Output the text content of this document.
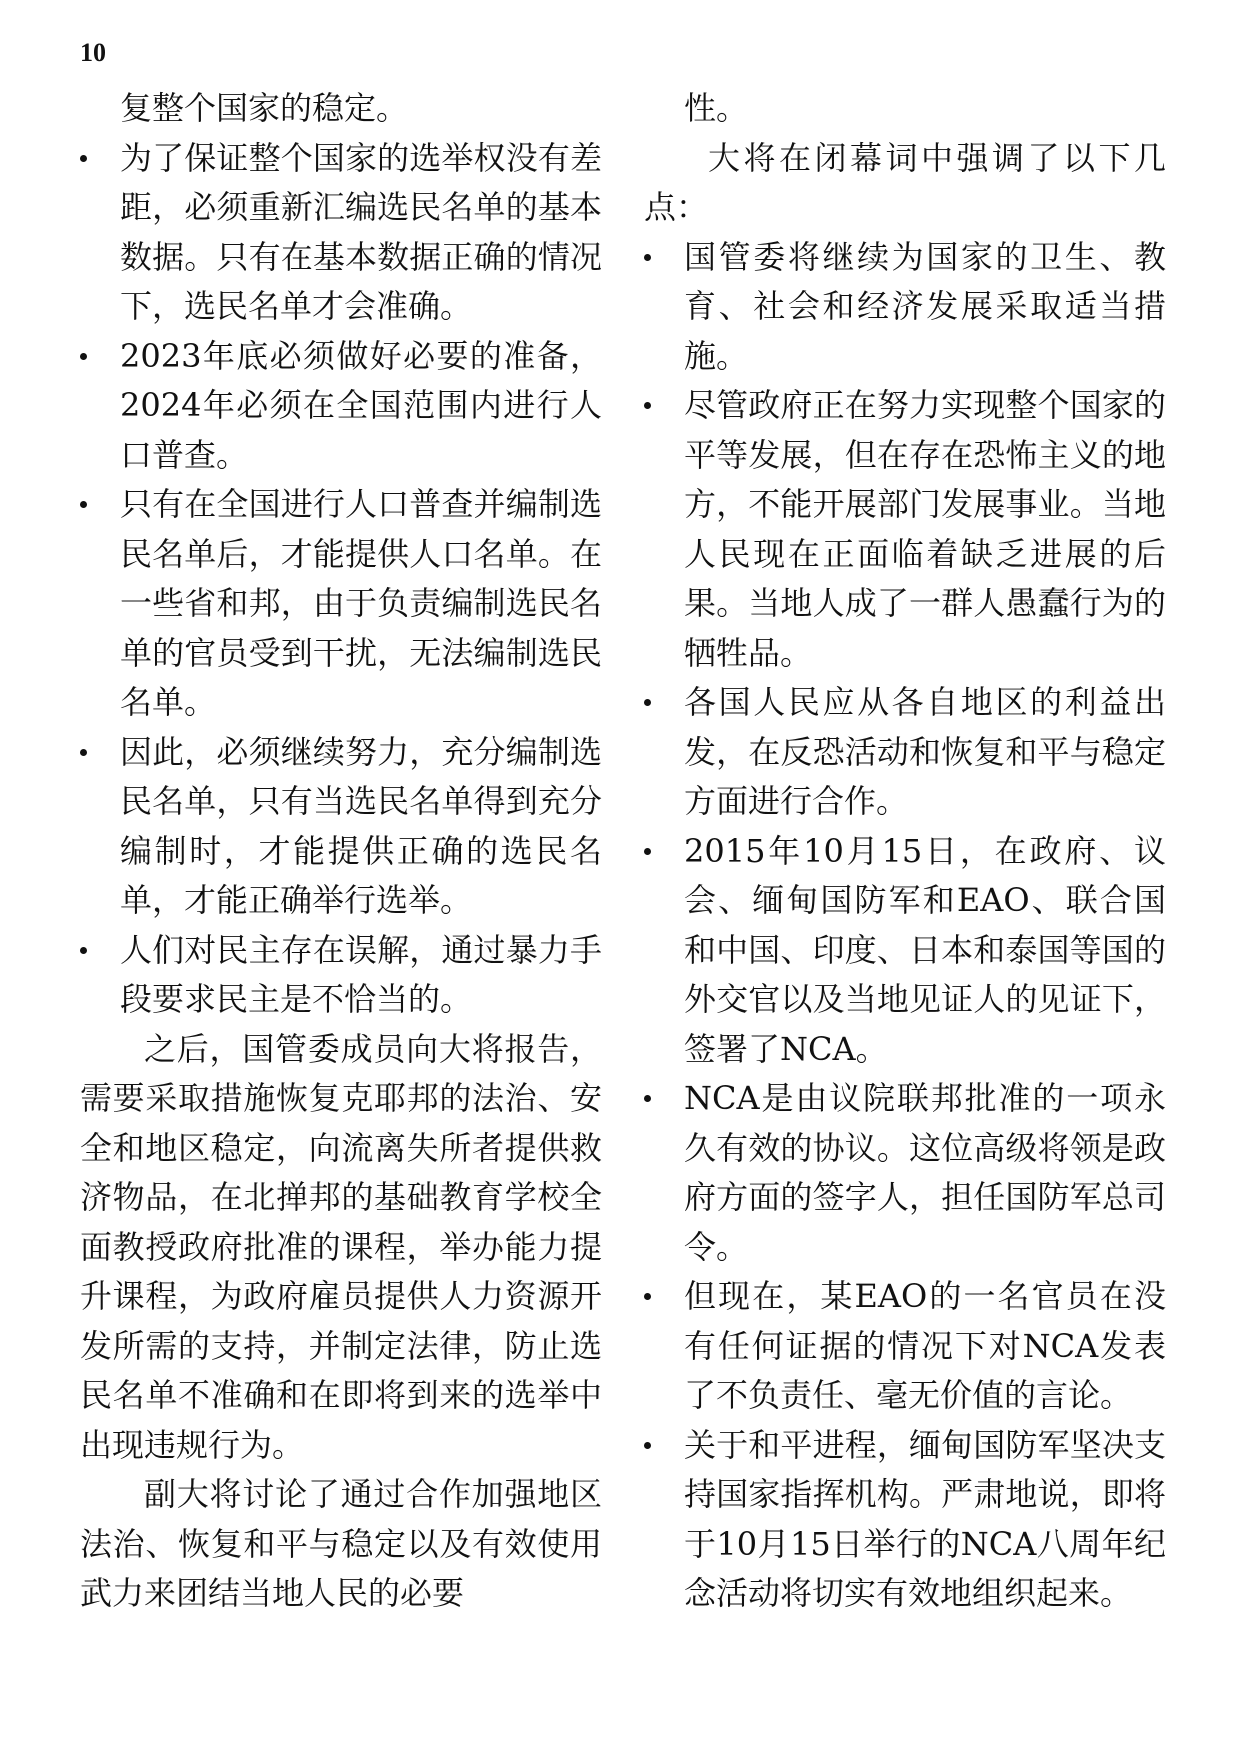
10

复整个国家的稳定。

为了保证整个国家的选举权没有差距，必须重新汇编选民名单的基本数据。只有在基本数据正确的情况下，选民名单才会准确。
2023年底必须做好必要的准备，2024年必须在全国范围内进行人口普查。
只有在全国进行人口普查并编制选民名单后，才能提供人口名单。在一些省和邦，由于负责编制选民名单的官员受到干扰，无法编制选民名单。
因此，必须继续努力，充分编制选民名单，只有当选民名单得到充分编制时，才能提供正确的选民名单，才能正确举行选举。
人们对民主存在误解，通过暴力手段要求民主是不恰当的。

之后，国管委成员向大将报告，需要采取措施恢复克耶邦的法治、安全和地区稳定，向流离失所者提供救济物品，在北掸邦的基础教育学校全面教授政府批准的课程，举办能力提升课程，为政府雇员提供人力资源开发所需的支持，并制定法律，防止选民名单不准确和在即将到来的选举中出现违规行为。

副大将讨论了通过合作加强地区法治、恢复和平与稳定以及有效使用武力来团结当地人民的必要

性。

大将在闭幕词中强调了以下几点：

国管委将继续为国家的卫生、教育、社会和经济发展采取适当措施。
尽管政府正在努力实现整个国家的平等发展，但在存在恐怖主义的地方，不能开展部门发展事业。当地人民现在正面临着缺乏进展的后果。当地人成了一群人愚蠢行为的牺牲品。
各国人民应从各自地区的利益出发，在反恐活动和恢复和平与稳定方面进行合作。
2015年10月15日，在政府、议会、缅甸国防军和EAO、联合国和中国、印度、日本和泰国等国的外交官以及当地见证人的见证下，签署了NCA。
NCA是由议院联邦批准的一项永久有效的协议。这位高级将领是政府方面的签字人，担任国防军总司令。
但现在，某EAO的一名官员在没有任何证据的情况下对NCA发表了不负责任、毫无价值的言论。
关于和平进程，缅甸国防军坚决支持国家指挥机构。严肃地说，即将于10月15日举行的NCA八周年纪念活动将切实有效地组织起来。
